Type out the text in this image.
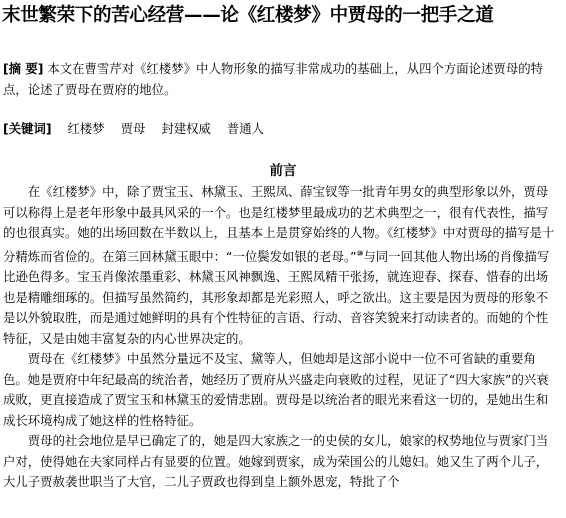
末世繁荣下的苦心经营——论《红楼梦》中贾母的一把手之道
[摘 要] 本文在曹雪芹对《红楼梦》中人物形象的描写非常成功的基础上，从四个方面论述贾母的特点，论述了贾母在贾府的地位。
[关键词] 红楼梦 贾母 封建权威 普通人
前言

在《红楼梦》中，除了贾宝玉、林黛玉、王熙凤、薛宝钗等一批青年男女的典型形象以外，贾母可以称得上是老年形象中最具风采的一个。也是红楼梦里最成功的艺术典型之一，很有代表性，描写的也很真实。她的出场回数在半数以上，且基本上是贯穿始终的人物。《红楼梦》中对贾母的描写是十分精炼而省俭的。在第三回林黛玉眼中：“一位鬓发如银的老母。”⑩与同一回其他人物出场的肖像描写比逊色得多。宝玉肖像浓墨重彩、林黛玉风神飘逸、王熙凤精干张扬，就连迎春、探春、惜春的出场也是精雕细琢的。但描写虽然简约，其形象却都是光彩照人，呼之欲出。这主要是因为贾母的形象不是以外貌取胜，而是通过她鲜明的具有个性特征的言语、行动、音容笑貌来打动读者的。而她的个性特征，又是由她丰富复杂的内心世界决定的。

贾母在《红楼梦》中虽然分量远不及宝、黛等人，但她却是这部小说中一位不可省缺的重要角色。她是贾府中年纪最高的统治者，她经历了贾府从兴盛走向衰败的过程，见证了“四大家族”的兴衰成败，更直接造成了贾宝玉和林黛玉的爱情悲剧。贾母是以统治者的眼光来看这一切的，是她出生和成长环境构成了她这样的性格特征。

贾母的社会地位是早已确定了的，她是四大家族之一的史侯的女儿，娘家的权势地位与贾家门当户对，使得她在夫家同样占有显要的位置。她嫁到贾家，成为荣国公的儿媳妇。她又生了两个儿子，大儿子贾赦袭世职当了大官，二儿子贾政也得到皇上额外恩宠，特批了个
